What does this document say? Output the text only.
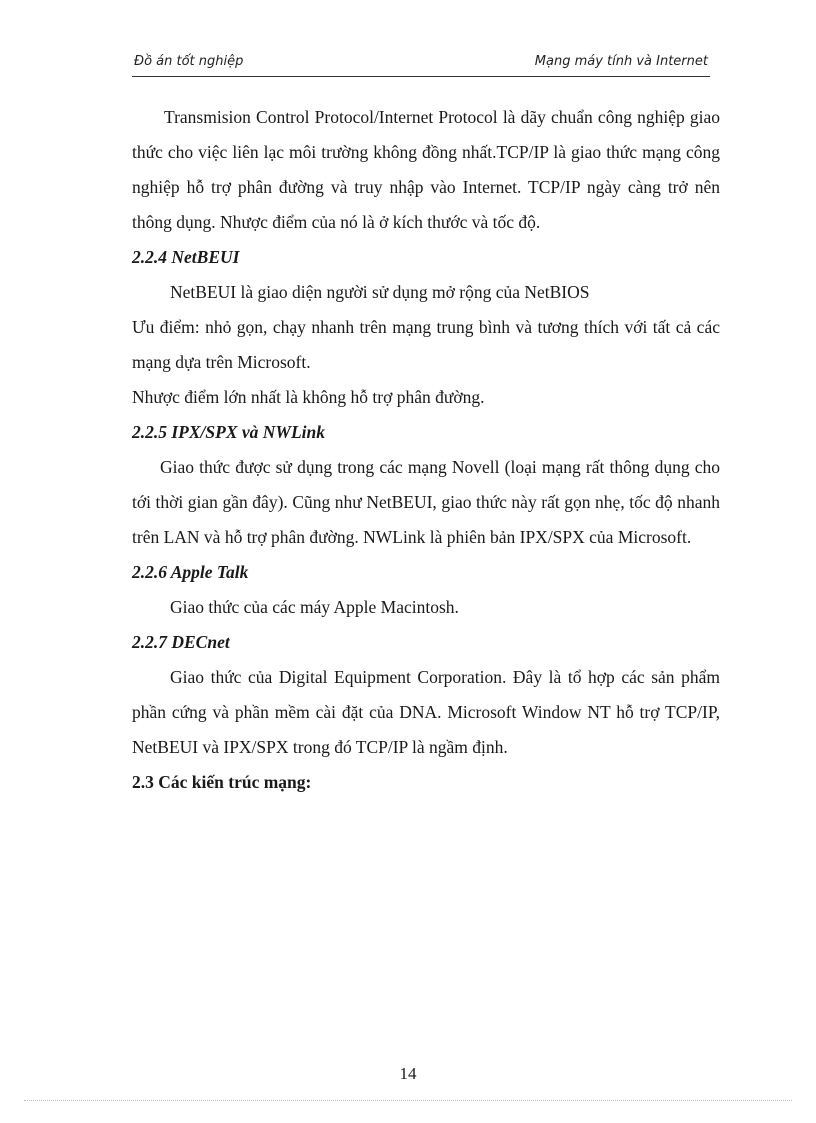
Đồ án tốt nghiệp	Mạng máy tính và Internet

Transmision Control Protocol/Internet Protocol là dãy chuẩn công nghiệp giao thức cho việc liên lạc môi trường không đồng nhất.TCP/IP là giao thức mạng công nghiệp hỗ trợ phân đường và truy nhập vào Internet. TCP/IP ngày càng trở nên thông dụng. Nhược điểm của nó là ở kích thước và tốc độ.

2.2.4 NetBEUI

NetBEUI là giao diện người sử dụng mở rộng của NetBIOS

Ưu điểm: nhỏ gọn, chạy nhanh trên mạng trung bình và tương thích với tất cả các mạng dựa trên Microsoft.

Nhược điểm lớn nhất là không hỗ trợ phân đường.

2.2.5 IPX/SPX và NWLink

Giao thức được sử dụng trong các mạng Novell (loại mạng rất thông dụng cho tới thời gian gần đây). Cũng như NetBEUI, giao thức này rất gọn nhẹ, tốc độ nhanh trên LAN và hỗ trợ phân đường. NWLink là phiên bản IPX/SPX của Microsoft.

2.2.6 Apple Talk

Giao thức của các máy Apple Macintosh.

2.2.7 DECnet

Giao thức của Digital Equipment Corporation. Đây là tổ hợp các sản phẩm phần cứng và phần mềm cài đặt của DNA. Microsoft Window NT hỗ trợ TCP/IP, NetBEUI và IPX/SPX trong đó TCP/IP là ngầm định.

2.3 Các kiến trúc mạng:

14
